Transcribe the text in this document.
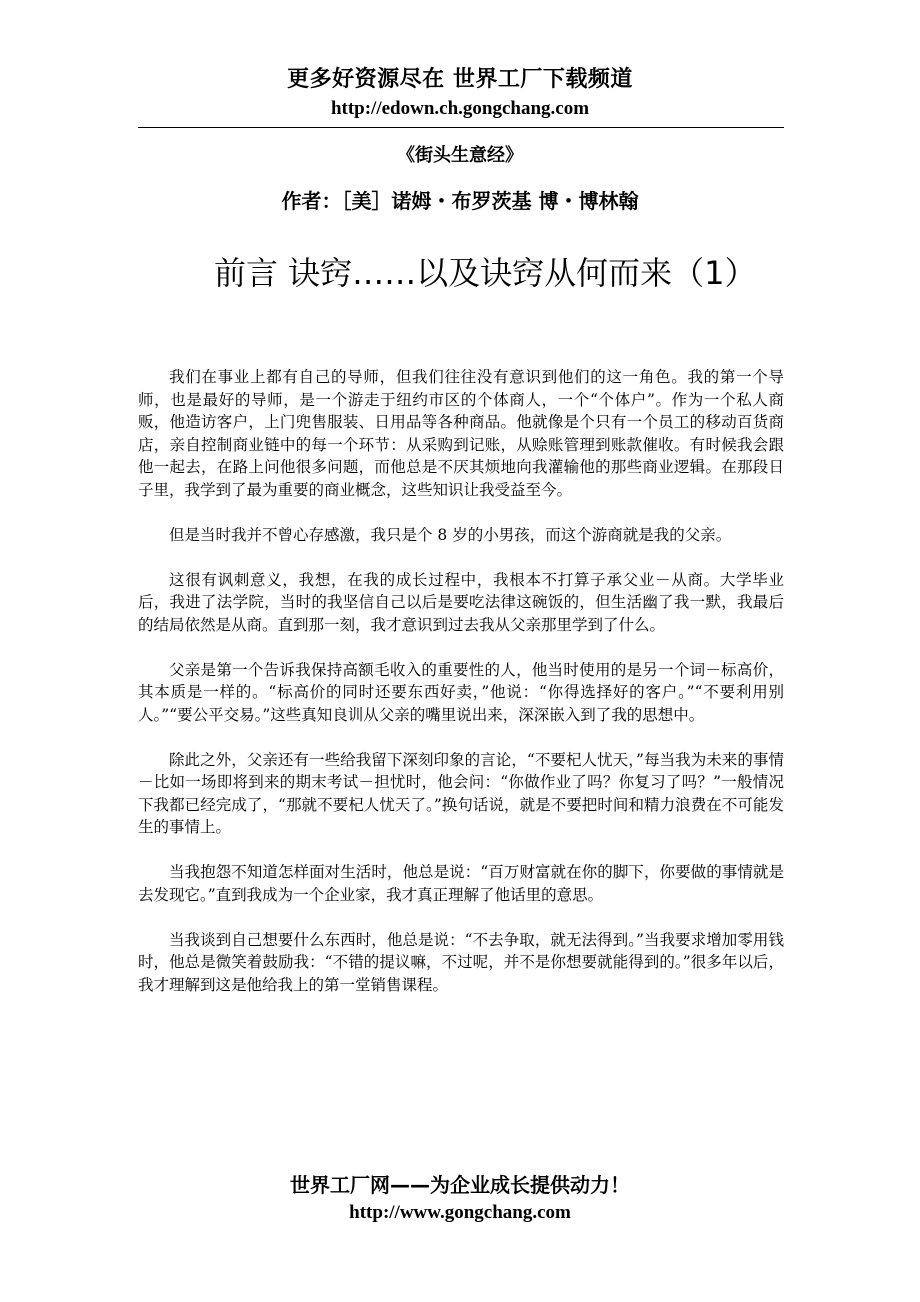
更多好资源尽在 世界工厂下载频道
http://edown.ch.gongchang.com
《街头生意经》
作者：［美］诺姆・布罗茨基 博・博林翰
前言 诀窍……以及诀窍从何而来（1）

我们在事业上都有自己的导师，但我们往往没有意识到他们的这一角色。我的第一个导师，也是最好的导师，是一个游走于纽约市区的个体商人，一个“个体户”。作为一个私人商贩，他造访客户，上门兜售服装、日用品等各种商品。他就像是个只有一个员工的移动百货商店，亲自控制商业链中的每一个环节：从采购到记账，从赊账管理到账款催收。有时候我会跟他一起去，在路上问他很多问题，而他总是不厌其烦地向我灌输他的那些商业逻辑。在那段日子里，我学到了最为重要的商业概念，这些知识让我受益至今。

但是当时我并不曾心存感激，我只是个 8 岁的小男孩，而这个游商就是我的父亲。

这很有讽刺意义，我想，在我的成长过程中，我根本不打算子承父业－从商。大学毕业后，我进了法学院，当时的我坚信自己以后是要吃法律这碗饭的，但生活幽了我一默，我最后的结局依然是从商。直到那一刻，我才意识到过去我从父亲那里学到了什么。

父亲是第一个告诉我保持高额毛收入的重要性的人，他当时使用的是另一个词－标高价，其本质是一样的。“标高价的同时还要东西好卖，”他说：“你得选择好的客户。”“不要利用别人。”“要公平交易。”这些真知良训从父亲的嘴里说出来，深深嵌入到了我的思想中。

除此之外，父亲还有一些给我留下深刻印象的言论，“不要杞人忧天，”每当我为未来的事情－比如一场即将到来的期末考试－担忧时，他会问：“你做作业了吗？你复习了吗？”一般情况下我都已经完成了，“那就不要杞人忧天了。”换句话说，就是不要把时间和精力浪费在不可能发生的事情上。

当我抱怨不知道怎样面对生活时，他总是说：“百万财富就在你的脚下，你要做的事情就是去发现它。”直到我成为一个企业家，我才真正理解了他话里的意思。

当我谈到自己想要什么东西时，他总是说：“不去争取，就无法得到。”当我要求增加零用钱时，他总是微笑着鼓励我：“不错的提议嘛，不过呢，并不是你想要就能得到的。”很多年以后，我才理解到这是他给我上的第一堂销售课程。

世界工厂网——为企业成长提供动力！
http://www.gongchang.com
